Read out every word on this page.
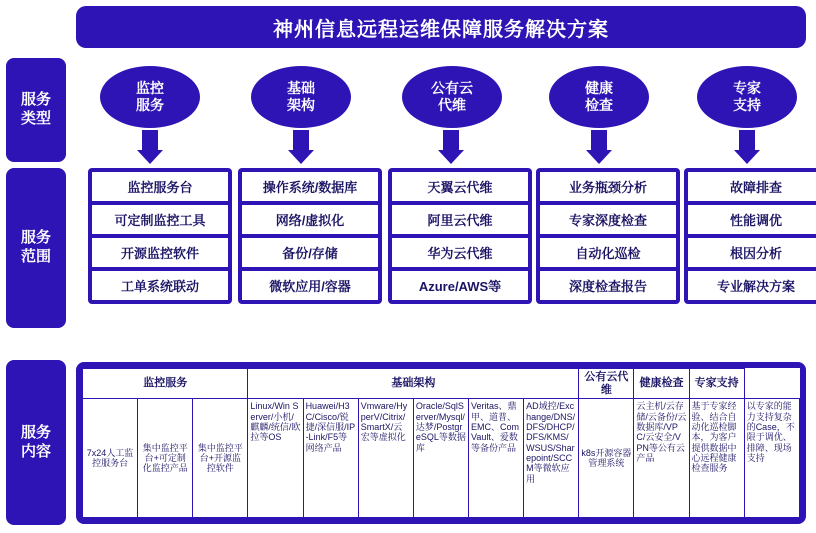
神州信息远程运维保障服务解决方案
服务
类型
服务
范围
服务
内容
监控
服务
基础
架构
公有云
代维
健康
检查
专家
支持
监控服务台
可定制监控工具
开源监控软件
工单系统联动
操作系统/数据库
网络/虚拟化
备份/存储
微软应用/容器
天翼云代维
阿里云代维
华为云代维
Azure/AWS等
业务瓶颈分析
专家深度检查
自动化巡检
深度检查报告
故障排查
性能调优
根因分析
专业解决方案
监控服务			基础架构						公有云代维	健康检查	专家支持	
7x24人工监控服务台	集中监控平台+可定制化监控产品	集中监控平台+开源监控软件	Linux/Win Server/小机/麒麟/统信/欧拉等OS	Huawei/H3C/Cisco/锐捷/深信服/IP-Link/F5等网络产品	Vmware/HyperV/Citrix/SmartX/云宏等虚拟化	Oracle/SqlServer/Mysql/达梦/PostgreSQL等数据库	Veritas、鼎甲、道普、EMC、ComVault、爱数等备份产品	AD域控/Exchange/DNS/DFS/DHCP/DFS/KMS/WSUS/Sharepoint/SCCM等微软应用	k8s开源容器管理系统	云主机/云存储/云备份/云数据库/VPC/云安全/VPN等公有云产品	基于专家经验、结合自动化巡检脚本，为客户提供数据中心远程健康检查服务	以专家的能力支持复杂的Case，不限于调优、排障、现场支持
